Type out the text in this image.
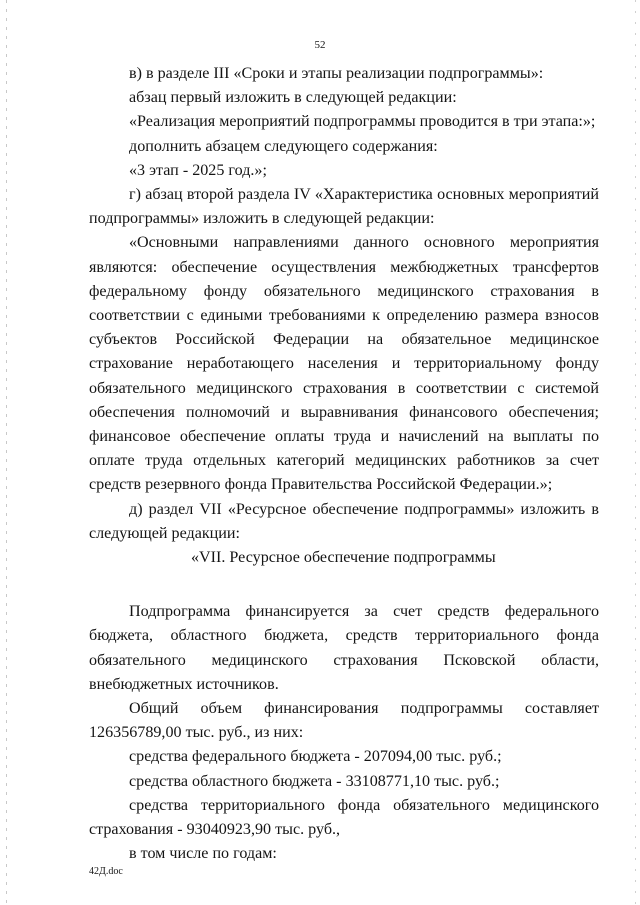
52

в) в разделе III «Сроки и этапы реализации подпрограммы»:

абзац первый изложить в следующей редакции:

«Реализация мероприятий подпрограммы проводится в три этапа:»;

дополнить абзацем следующего содержания:

«3 этап - 2025 год.»;

г) абзац второй раздела IV «Характеристика основных мероприятий подпрограммы» изложить в следующей редакции:

«Основными направлениями данного основного мероприятия являются: обеспечение осуществления межбюджетных трансфертов федеральному фонду обязательного медицинского страхования в соответствии с едиными требованиями к определению размера взносов субъектов Российской Федерации на обязательное медицинское страхование неработающего населения и территориальному фонду обязательного медицинского страхования в соответствии с системой обеспечения полномочий и выравнивания финансового обеспечения; финансовое обеспечение оплаты труда и начислений на выплаты по оплате труда отдельных категорий медицинских работников за счет средств резервного фонда Правительства Российской Федерации.»;

д) раздел VII «Ресурсное обеспечение подпрограммы» изложить в следующей редакции:

«VII. Ресурсное обеспечение подпрограммы

Подпрограмма финансируется за счет средств федерального бюджета, областного бюджета, средств территориального фонда обязательного медицинского страхования Псковской области, внебюджетных источников.

Общий объем финансирования подпрограммы составляет 126356789,00 тыс. руб., из них:

средства федерального бюджета - 207094,00 тыс. руб.;

средства областного бюджета - 33108771,10 тыс. руб.;

средства территориального фонда обязательного медицинского страхования - 93040923,90 тыс. руб.,

в том числе по годам:

42Д.doc
